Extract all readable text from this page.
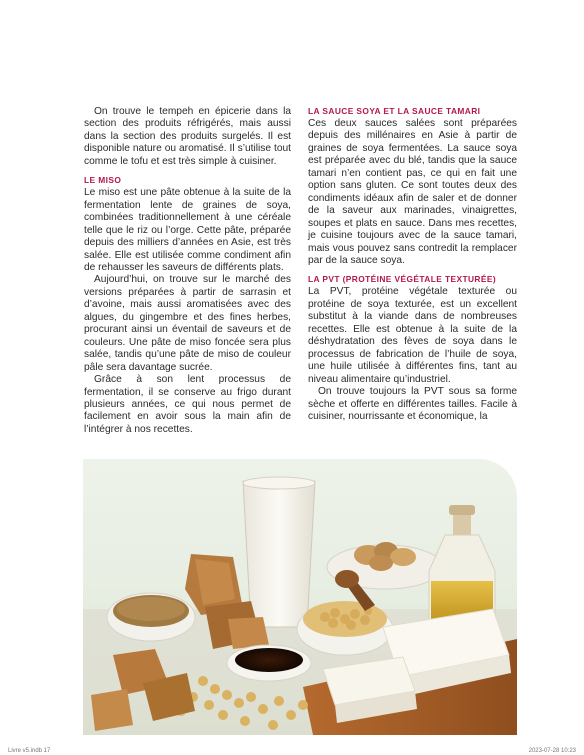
On trouve le tempeh en épicerie dans la section des produits réfrigérés, mais aussi dans la section des produits surgelés. Il est disponible nature ou aromatisé. Il s’utilise tout comme le tofu et est très simple à cuisiner.

LE MISO

Le miso est une pâte obtenue à la suite de la fermentation lente de graines de soya, combinées traditionnellement à une céréale telle que le riz ou l’orge. Cette pâte, préparée depuis des milliers d’années en Asie, est très salée. Elle est utilisée comme condiment afin de rehausser les saveurs de différents plats.

Aujourd’hui, on trouve sur le marché des versions préparées à partir de sarrasin et d’avoine, mais aussi aromatisées avec des algues, du gingembre et des fines herbes, procurant ainsi un éventail de saveurs et de couleurs. Une pâte de miso foncée sera plus salée, tandis qu’une pâte de miso de couleur pâle sera davantage sucrée.

Grâce à son lent processus de fermentation, il se conserve au frigo durant plusieurs années, ce qui nous permet de facilement en avoir sous la main afin de l’intégrer à nos recettes.

LA SAUCE SOYA ET LA SAUCE TAMARI

Ces deux sauces salées sont préparées depuis des millénaires en Asie à partir de graines de soya fermentées. La sauce soya est préparée avec du blé, tandis que la sauce tamari n’en contient pas, ce qui en fait une option sans gluten. Ce sont toutes deux des condiments idéaux afin de saler et de donner de la saveur aux marinades, vinaigrettes, soupes et plats en sauce. Dans mes recettes, je cuisine toujours avec de la sauce tamari, mais vous pouvez sans contredit la remplacer par de la sauce soya.

LA PVT (PROTÉINE VÉGÉTALE TEXTURÉE)

La PVT, protéine végétale texturée ou protéine de soya texturée, est un excellent substitut à la viande dans de nombreuses recettes. Elle est obtenue à la suite de la déshydratation des fèves de soya dans le processus de fabrication de l’huile de soya, une huile utilisée à différentes fins, tant au niveau alimentaire qu’industriel.

On trouve toujours la PVT sous sa forme sèche et offerte en différentes tailles. Facile à cuisiner, nourrissante et économique, la

Livre v5.indb 17	2023-07-28 10:23
